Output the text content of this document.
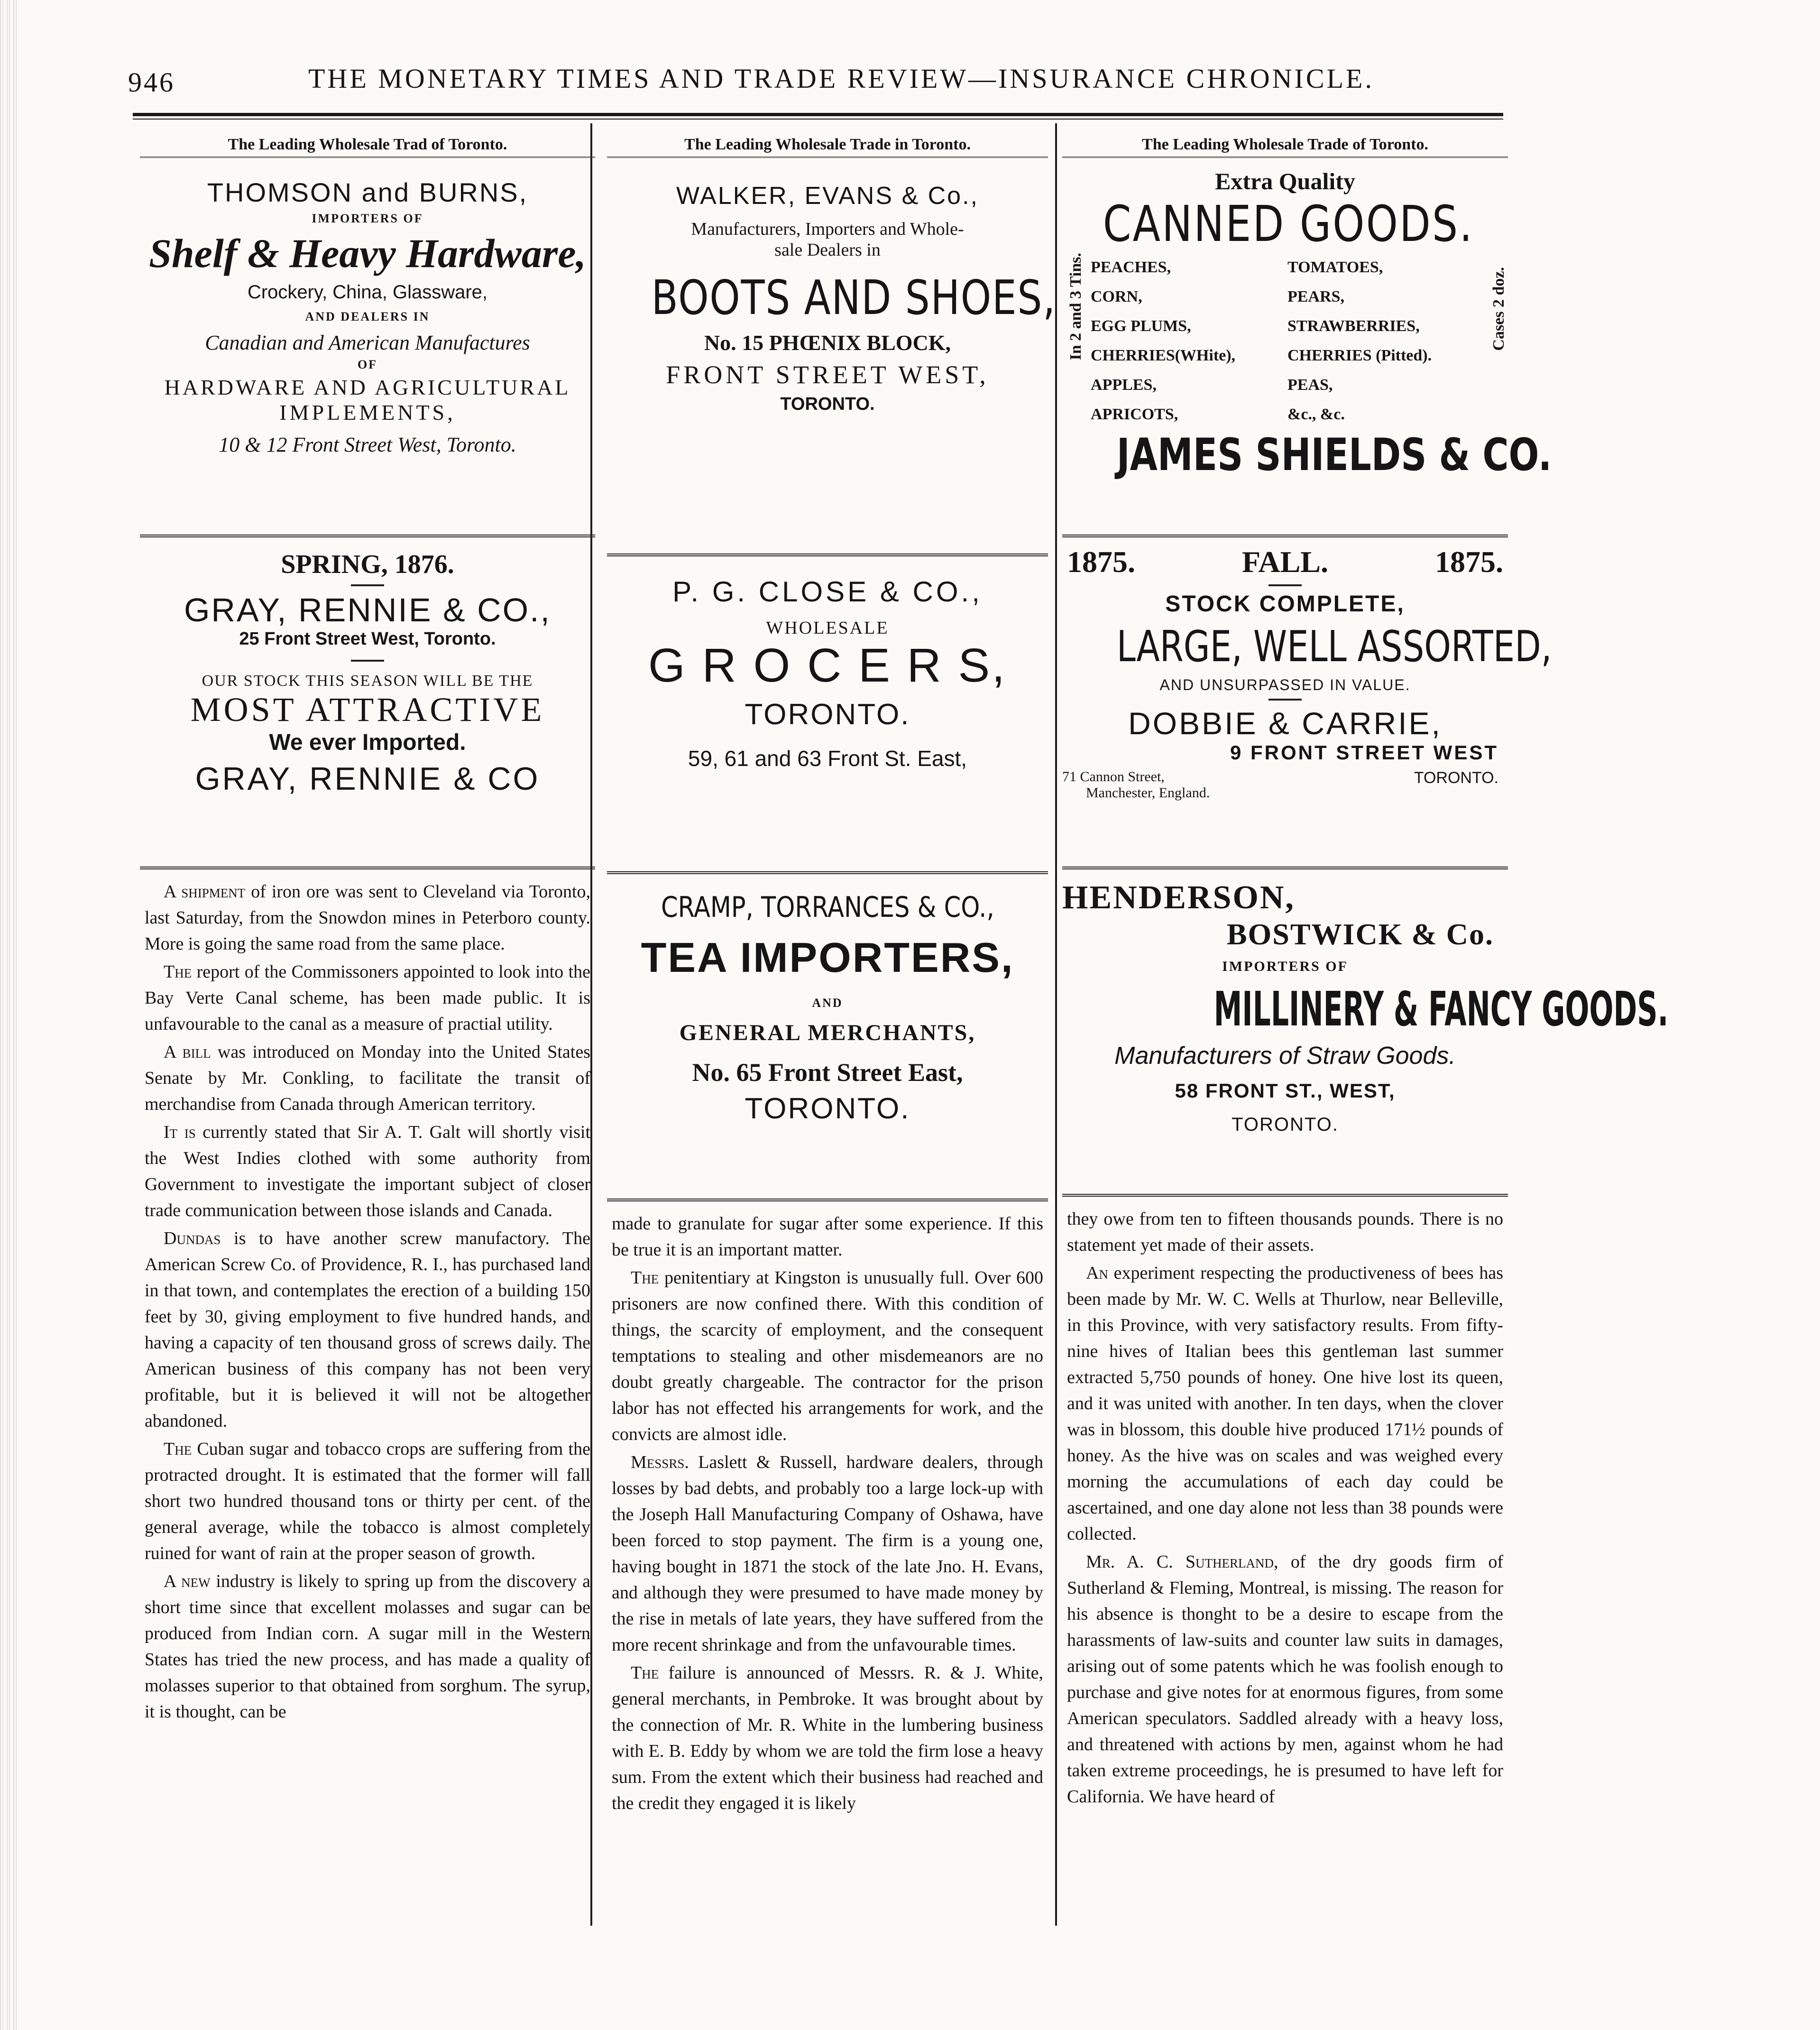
946	THE MONETARY TIMES AND TRADE REVIEW—INSURANCE CHRONICLE.
The Leading Wholesale Trad of Toronto.
THOMSON and BURNS,
IMPORTERS OF
Shelf & Heavy Hardware,
Crockery, China, Glassware,
AND DEALERS IN
Canadian and American Manufactures
OF
HARDWARE AND AGRICULTURAL
IMPLEMENTS,
10 & 12 Front Street West, Toronto.
SPRING, 1876.
GRAY, RENNIE & CO.,
25 Front Street West, Toronto.
OUR STOCK THIS SEASON WILL BE THE
MOST ATTRACTIVE
We ever Imported.
GRAY, RENNIE & CO

A shipment of iron ore was sent to Cleveland via Toronto, last Saturday, from the Snowdon mines in Peterboro county. More is going the same road from the same place.

The report of the Commissoners appointed to look into the Bay Verte Canal scheme, has been made public. It is unfavourable to the canal as a measure of practial utility.

A bill was introduced on Monday into the United States Senate by Mr. Conkling, to facilitate the transit of merchandise from Canada through American territory.

It is currently stated that Sir A. T. Galt will shortly visit the West Indies clothed with some authority from Government to investigate the important subject of closer trade communication between those islands and Canada.

Dundas is to have another screw manufactory. The American Screw Co. of Providence, R. I., has purchased land in that town, and contemplates the erection of a building 150 feet by 30, giving employment to five hundred hands, and having a capacity of ten thousand gross of screws daily. The American business of this company has not been very profitable, but it is believed it will not be altogether abandoned.

The Cuban sugar and tobacco crops are suffering from the protracted drought. It is estimated that the former will fall short two hundred thousand tons or thirty per cent. of the general average, while the tobacco is almost completely ruined for want of rain at the proper season of growth.

A new industry is likely to spring up from the discovery a short time since that excellent molasses and sugar can be produced from Indian corn. A sugar mill in the Western States has tried the new process, and has made a quality of molasses superior to that obtained from sorghum. The syrup, it is thought, can be

The Leading Wholesale Trade in Toronto.
WALKER, EVANS & Co.,
Manufacturers, Importers and Whole-
sale Dealers in
BOOTS AND SHOES,
No. 15 PHŒNIX BLOCK,
FRONT STREET WEST,
TORONTO.
P. G. CLOSE & CO.,
WHOLESALE
G R O C E R S,
TORONTO.
59, 61 and 63 Front St. East,
CRAMP, TORRANCES & CO.,
TEA IMPORTERS,
AND
GENERAL MERCHANTS,
No. 65 Front Street East,
TORONTO.

made to granulate for sugar after some experience. If this be true it is an important matter.

The penitentiary at Kingston is unusually full. Over 600 prisoners are now confined there. With this condition of things, the scarcity of employment, and the consequent temptations to stealing and other misdemeanors are no doubt greatly chargeable. The contractor for the prison labor has not effected his arrangements for work, and the convicts are almost idle.

Messrs. Laslett & Russell, hardware dealers, through losses by bad debts, and probably too a large lock-up with the Joseph Hall Manufacturing Company of Oshawa, have been forced to stop payment. The firm is a young one, having bought in 1871 the stock of the late Jno. H. Evans, and although they were presumed to have made money by the rise in metals of late years, they have suffered from the more recent shrinkage and from the unfavourable times.

The failure is announced of Messrs. R. & J. White, general merchants, in Pembroke. It was brought about by the connection of Mr. R. White in the lumbering business with E. B. Eddy by whom we are told the firm lose a heavy sum. From the extent which their business had reached and the credit they engaged it is likely

The Leading Wholesale Trade of Toronto.
Extra Quality
CANNED GOODS.
In 2 and 3 Tins.	Cases 2 doz.
PEACHES,	TOMATOES,
CORN,	PEARS,
EGG PLUMS,	STRAWBERRIES,
CHERRIES(WHite),	CHERRIES (Pitted).
APPLES,	PEAS,
APRICOTS,	&c., &c.
JAMES SHIELDS & CO.
1875.	FALL.	1875.
STOCK COMPLETE,
LARGE, WELL ASSORTED,
AND UNSURPASSED IN VALUE.
DOBBIE & CARRIE,
9 FRONT STREET WEST
71 Cannon Street,
Manchester, England.
TORONTO.
HENDERSON,
BOSTWICK & Co.
IMPORTERS OF
MILLINERY & FANCY GOODS.
Manufacturers of Straw Goods.
58 FRONT ST., WEST,
TORONTO.

they owe from ten to fifteen thousands pounds. There is no statement yet made of their assets.

An experiment respecting the productiveness of bees has been made by Mr. W. C. Wells at Thurlow, near Belleville, in this Province, with very satisfactory results. From fifty-nine hives of Italian bees this gentleman last summer extracted 5,750 pounds of honey. One hive lost its queen, and it was united with another. In ten days, when the clover was in blossom, this double hive produced 171½ pounds of honey. As the hive was on scales and was weighed every morning the accumulations of each day could be ascertained, and one day alone not less than 38 pounds were collected.

Mr. A. C. Sutherland, of the dry goods firm of Sutherland & Fleming, Montreal, is missing. The reason for his absence is thonght to be a desire to escape from the harassments of law-suits and counter law suits in damages, arising out of some patents which he was foolish enough to purchase and give notes for at enormous figures, from some American speculators. Saddled already with a heavy loss, and threatened with actions by men, against whom he had taken extreme proceedings, he is presumed to have left for California. We have heard of
